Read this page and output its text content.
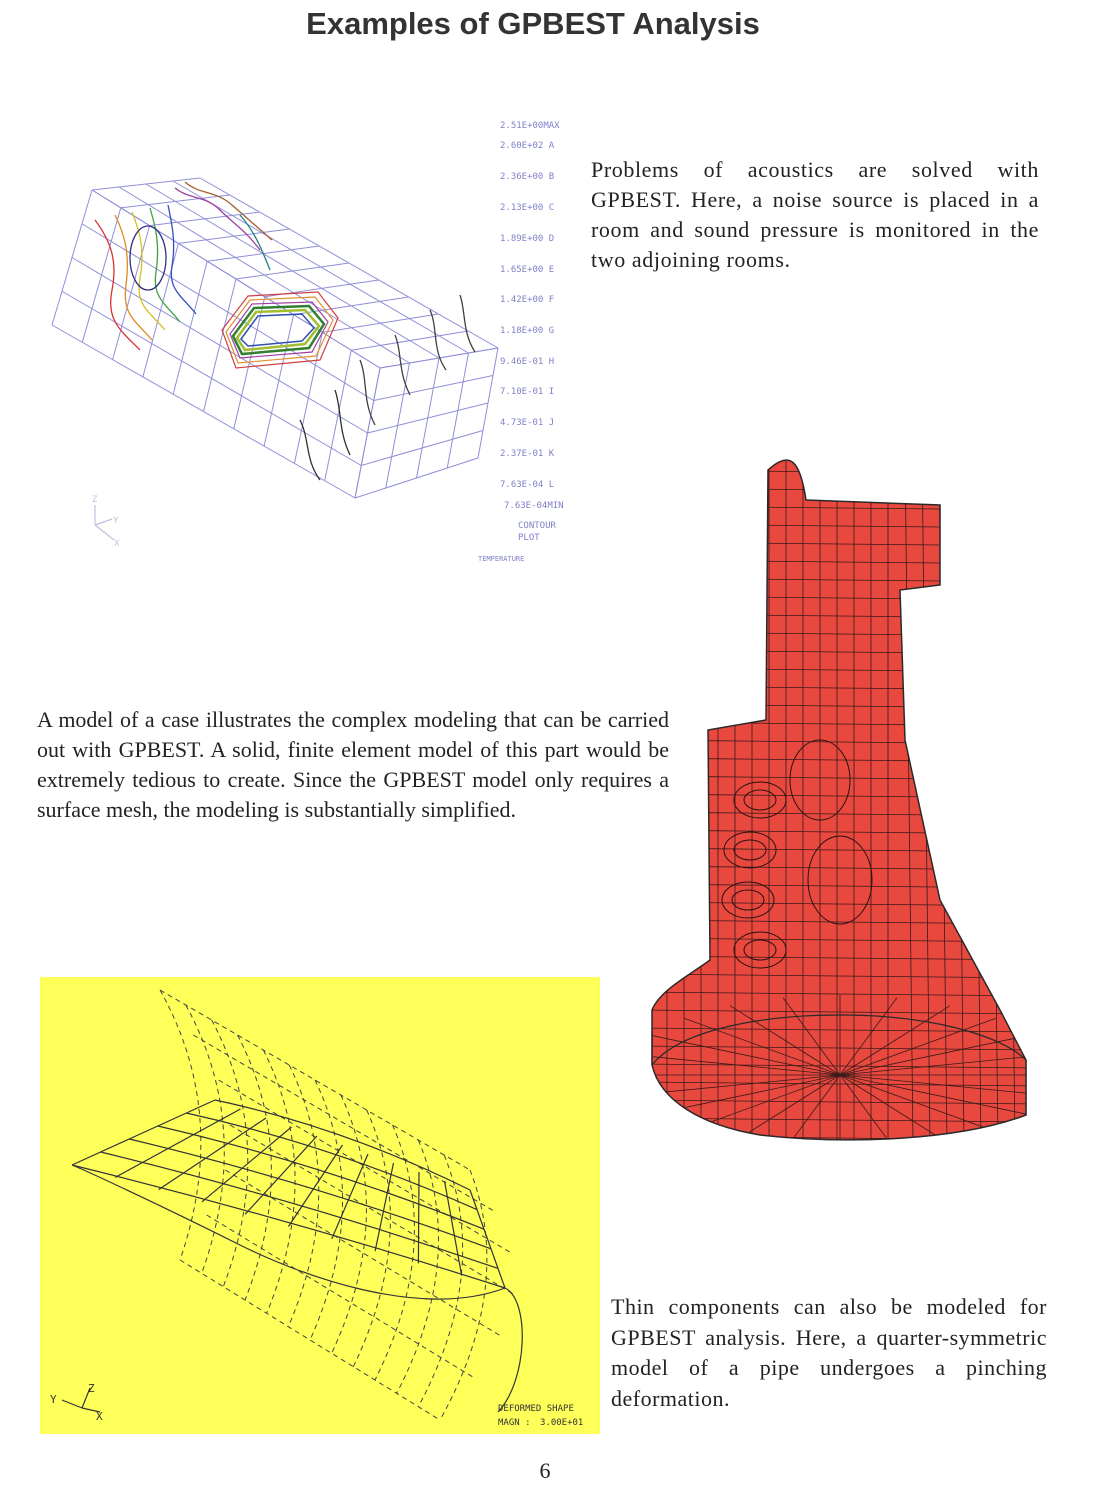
Examples of GPBEST Analysis
Z
Y
X
2.51E+00MAX
2.60E+02 A
2.36E+00 B
2.13E+00 C
1.89E+00 D
1.65E+00 E
1.42E+00 F
1.18E+00 G
9.46E-01 H
7.10E-01 I
4.73E-01 J
2.37E-01 K
7.63E-04 L
7.63E-04MIN
CONTOUR
PLOT
TEMPERATURE

Problems of acoustics are solved with GPBEST. Here, a noise source is placed in a room and sound pressure is monitored in the two adjoining rooms.

A model of a case illustrates the complex modeling that can be carried out with GPBEST. A solid, finite element model of this part would be extremely tedious to create. Since the GPBEST model only requires a surface mesh, the modeling is substantially simplified.

Z
Y
X
DEFORMED SHAPE
MAGN : 3.00E+01

Thin components can also be modeled for GPBEST analysis. Here, a quarter-symmetric model of a pipe undergoes a pinching deformation.

6
